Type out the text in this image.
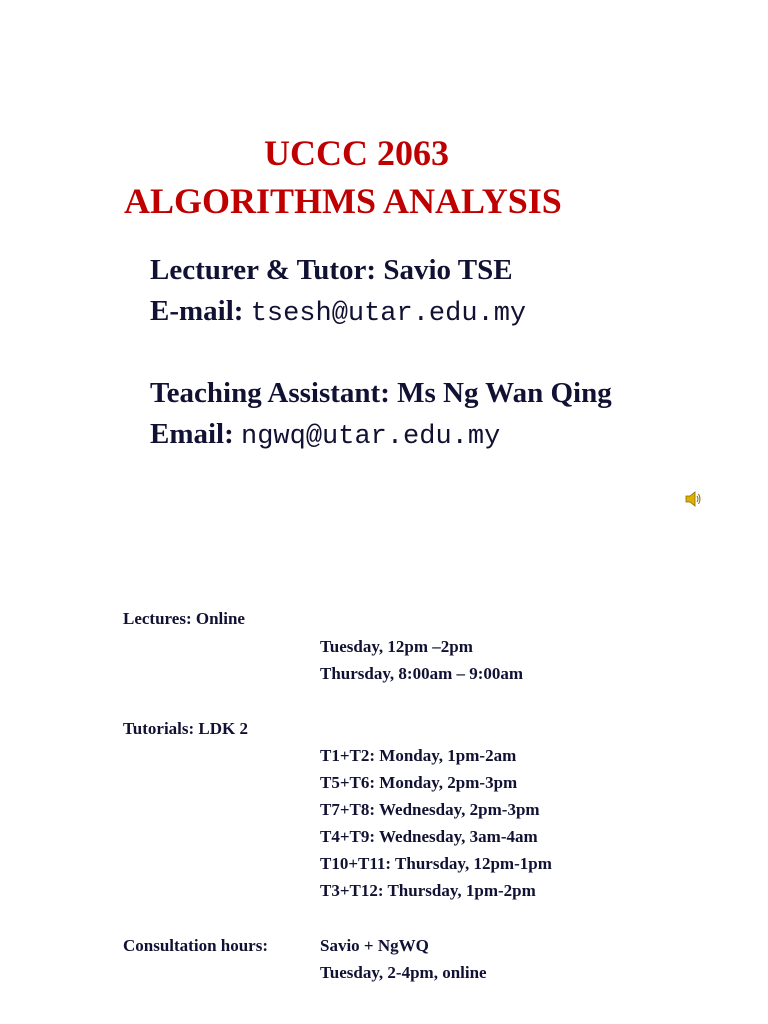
UCCC 2063
ALGORITHMS ANALYSIS
Lecturer & Tutor: Savio TSE
E-mail: tsesh@utar.edu.my
Teaching Assistant: Ms Ng Wan Qing
Email: ngwq@utar.edu.my
Lectures: Online
Tuesday, 12pm –2pm
Thursday, 8:00am – 9:00am
Tutorials: LDK 2
T1+T2: Monday, 1pm-2am
T5+T6: Monday, 2pm-3pm
T7+T8: Wednesday, 2pm-3pm
T4+T9: Wednesday, 3am-4am
T10+T11: Thursday, 12pm-1pm
T3+T12: Thursday, 1pm-2pm
Consultation hours:	Savio + NgWQ
Tuesday, 2-4pm, online
